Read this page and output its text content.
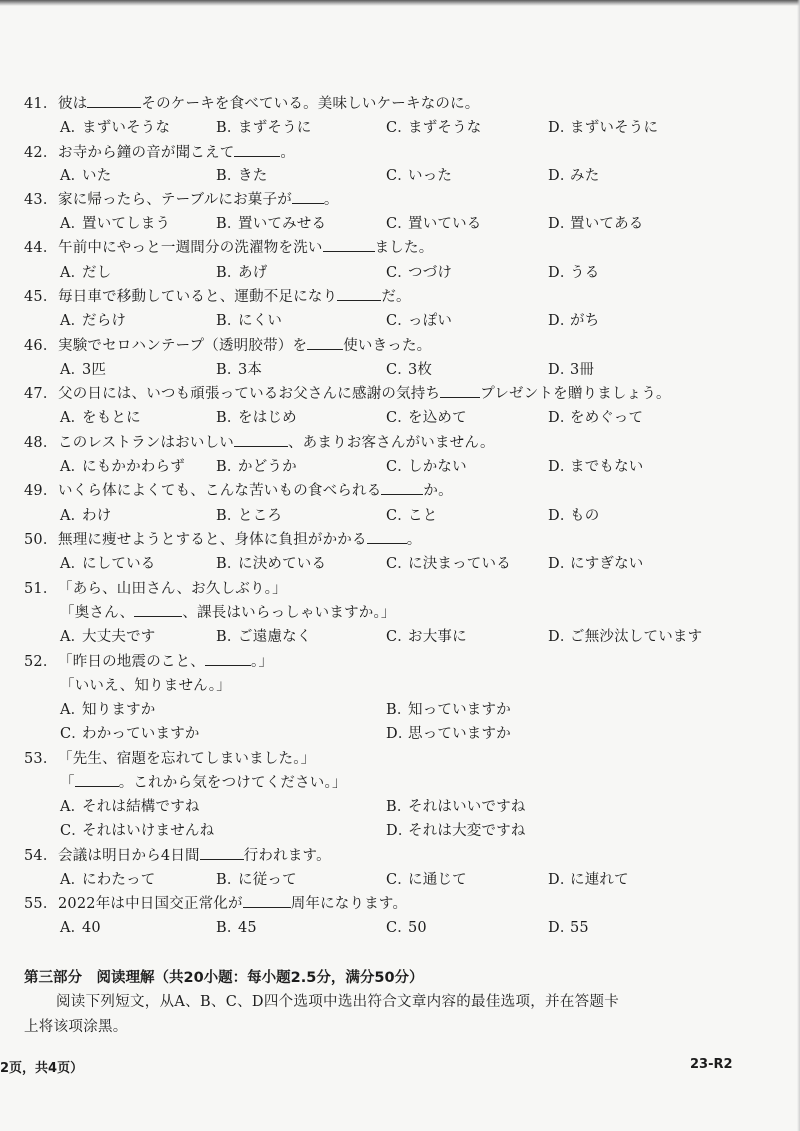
41．彼は	そのケーキを食べている。美味しいケーキなのに。
A．まずいそうな	B．まずそうに	C．まずそうな	D．まずいそうに
42．お寺から鐘の音が聞こえて	。
A．いた	B．きた	C．いった	D．みた
43．家に帰ったら、テーブルにお菓子が 。
A．置いてしまう	B．置いてみせる	C．置いている	D．置いてある
44．午前中にやっと一週間分の洗濯物を洗い	ました。
A．だし	B．あげ	C．つづけ	D．うる
45．毎日車で移動していると、運動不足になり	だ。
A．だらけ	B．にくい	C．っぽい	D．がち
46．実験でセロハンテープ（透明胶带）を 使いきった。
A．3匹	B．3本	C．3枚	D．3冊
47．父の日には、いつも頑張っているお父さんに感謝の気持ち	プレゼントを贈りましょう。
A．をもとに	B．をはじめ	C．を込めて	D．をめぐって
48．このレストランはおいしい	、あまりお客さんがいません。
A．にもかかわらず B．かどうか	C．しかない	D．までもない
49．いくら体によくても、こんな苦いもの食べられる	か。
A．わけ	B．ところ	C．こと	D．もの
50．無理に痩せようとすると、身体に負担がかかる	。
A．にしている	B．に決めている	C．に決まっている	D．にすぎない
51．「あら、山田さん、お久しぶり。」
「奥さん、	、課長はいらっしゃいますか。」
A．大丈夫です	B．ご遠慮なく	C．お大事に	D．ご無沙汰しています
52．「昨日の地震のこと、	。」
「いいえ、知りません。」
A．知りますか	B．知っていますか
C．わかっていますか	D．思っていますか
53．「先生、宿題を忘れてしまいました。」
「	。これから気をつけてください。」
A．それは結構ですね	B．それはいいですね
C．それはいけませんね	D．それは大変ですね
54．会議は明日から4日間	行われます。
A．にわたって	B．に従って	C．に通じて	D．に連れて
55．2022年は中日国交正常化が	周年になります。
A．40	B．45	C．50	D．55
第三部分　阅读理解（共20小题：每小题2.5分，满分50分）
阅读下列短文，从A、B、C、D四个选项中选出符合文章内容的最佳选项，并在答题卡
上将该项涂黑。
2页，共4页）	23-R2
